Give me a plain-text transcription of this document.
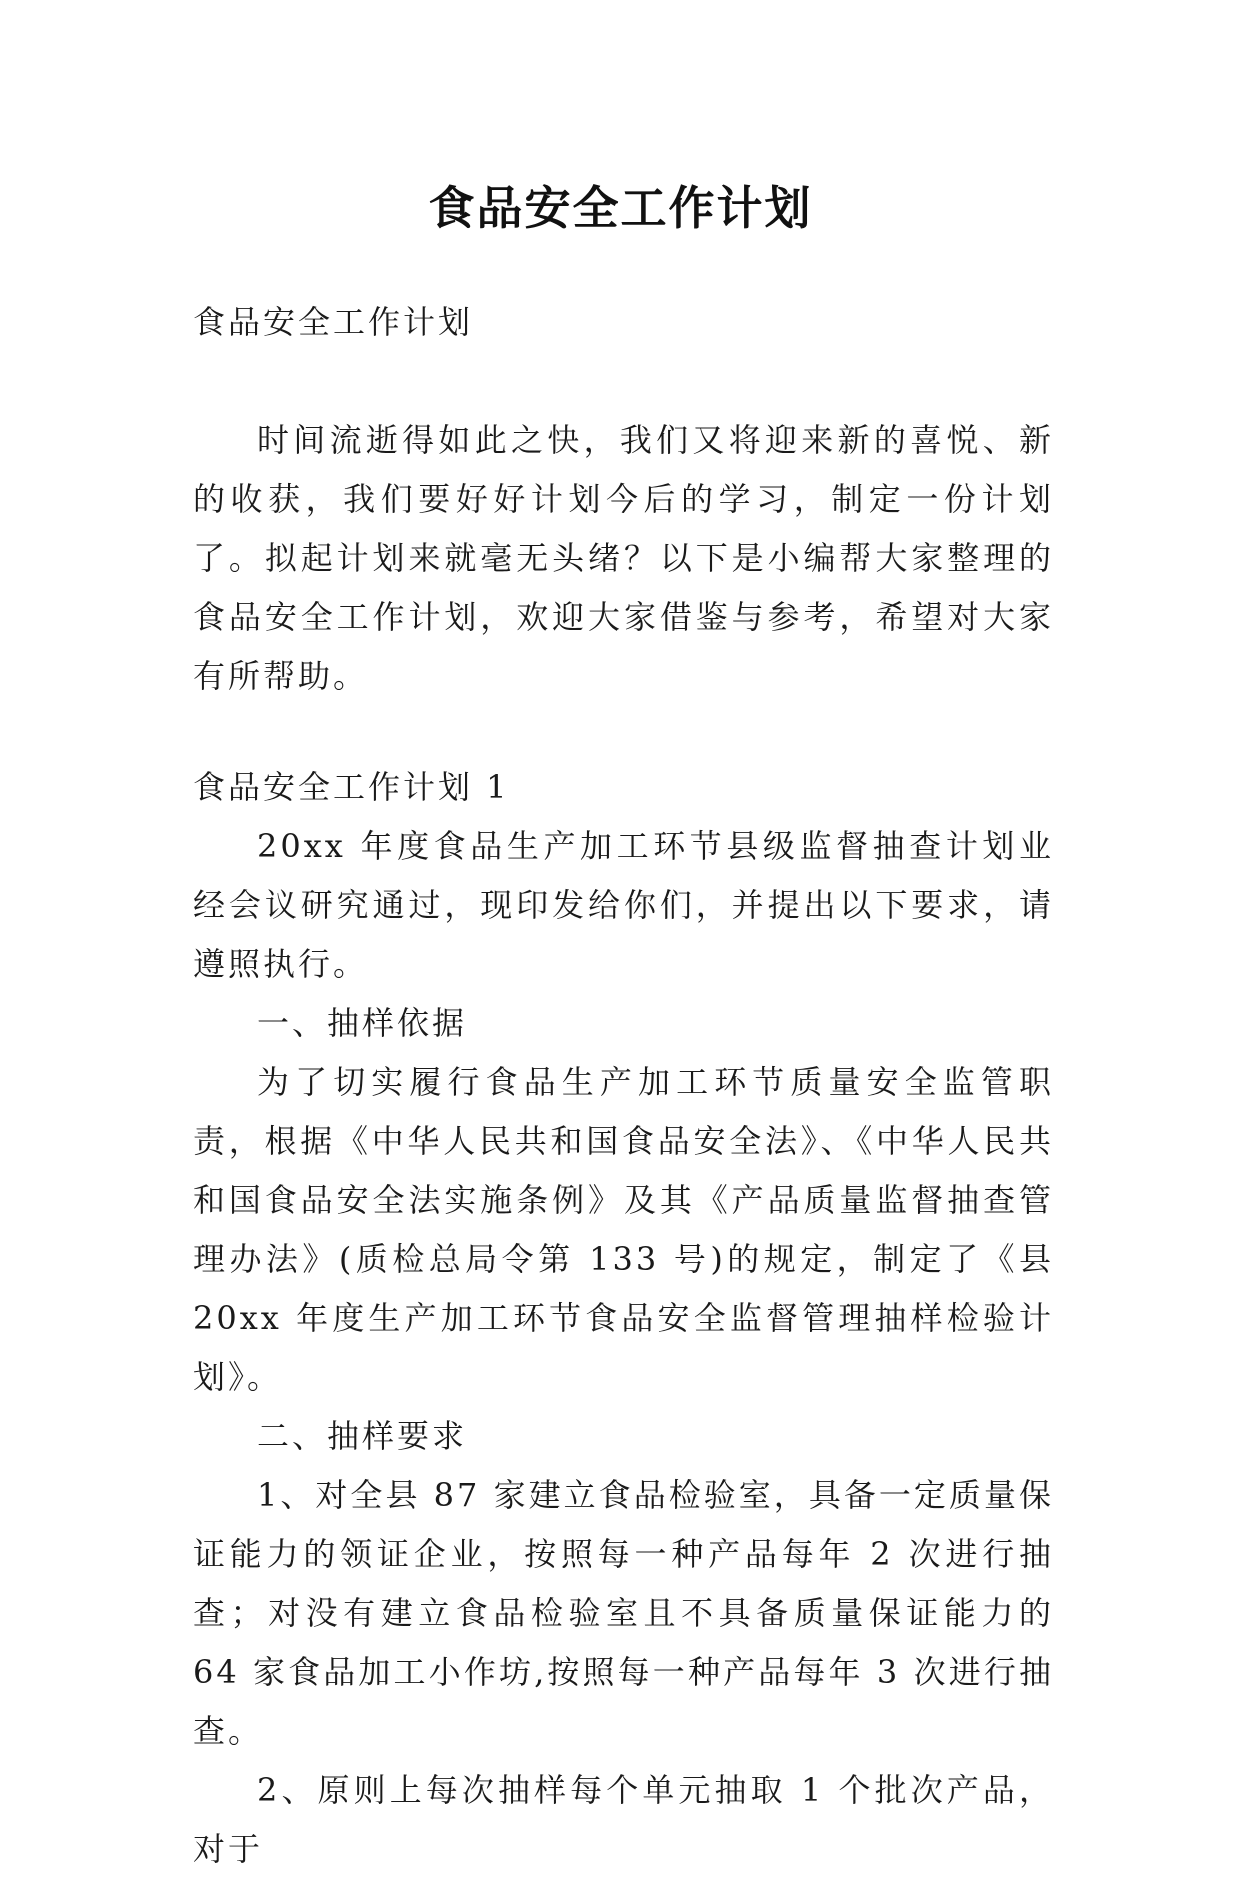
食品安全工作计划

食品安全工作计划

时间流逝得如此之快，我们又将迎来新的喜悦、新的收获，我们要好好计划今后的学习，制定一份计划了。拟起计划来就毫无头绪？以下是小编帮大家整理的食品安全工作计划，欢迎大家借鉴与参考，希望对大家有所帮助。

食品安全工作计划 1

20xx 年度食品生产加工环节县级监督抽查计划业经会议研究通过，现印发给你们，并提出以下要求，请遵照执行。

一、抽样依据

为了切实履行食品生产加工环节质量安全监管职责，根据《中华人民共和国食品安全法》、《中华人民共和国食品安全法实施条例》及其《产品质量监督抽查管理办法》(质检总局令第 133 号)的规定，制定了《县 20xx 年度生产加工环节食品安全监督管理抽样检验计划》。

二、抽样要求

1、对全县 87 家建立食品检验室，具备一定质量保证能力的领证企业，按照每一种产品每年 2 次进行抽查；对没有建立食品检验室且不具备质量保证能力的 64 家食品加工小作坊,按照每一种产品每年 3 次进行抽查。

2、原则上每次抽样每个单元抽取 1 个批次产品，对于
